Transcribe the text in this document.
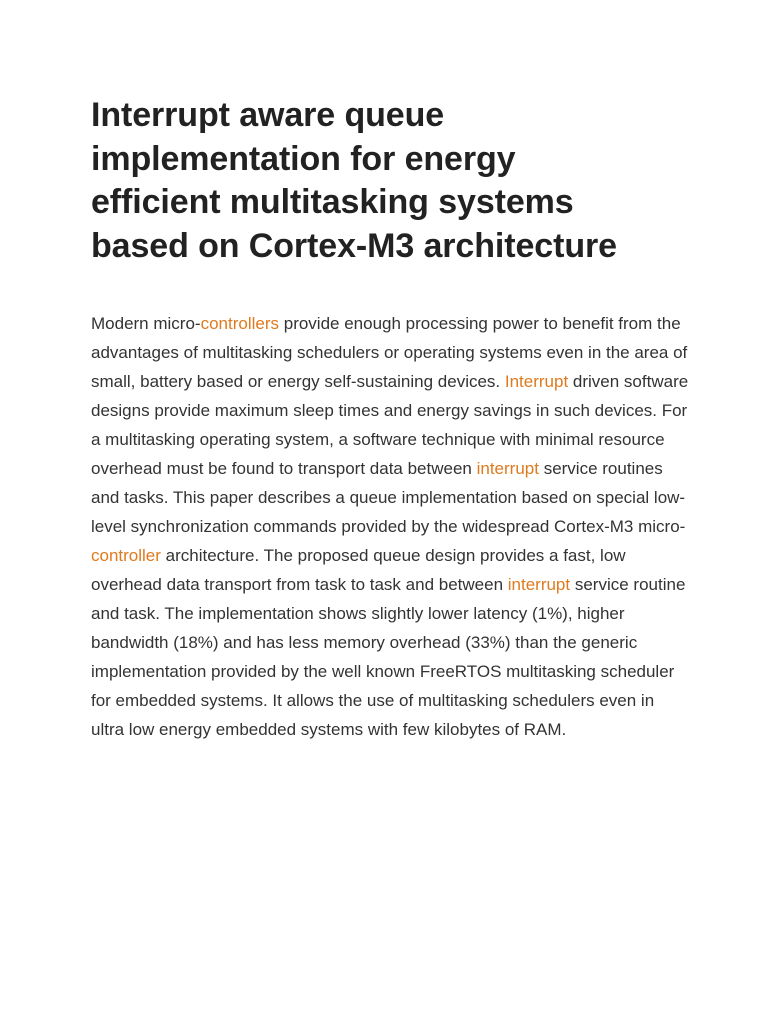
Interrupt aware queue
implementation for energy
efficient multitasking systems
based on Cortex-M3 architecture

Modern micro-controllers provide enough processing power to benefit from the advantages of multitasking schedulers or operating systems even in the area of small, battery based or energy self-sustaining devices. Interrupt driven software designs provide maximum sleep times and energy savings in such devices. For a multitasking operating system, a software technique with minimal resource overhead must be found to transport data between interrupt service routines and tasks. This paper describes a queue implementation based on special low-level synchronization commands provided by the widespread Cortex-M3 micro-controller architecture. The proposed queue design provides a fast, low overhead data transport from task to task and between interrupt service routine and task. The implementation shows slightly lower latency (1%), higher bandwidth (18%) and has less memory overhead (33%) than the generic implementation provided by the well known FreeRTOS multitasking scheduler for embedded systems. It allows the use of multitasking schedulers even in ultra low energy embedded systems with few kilobytes of RAM.
